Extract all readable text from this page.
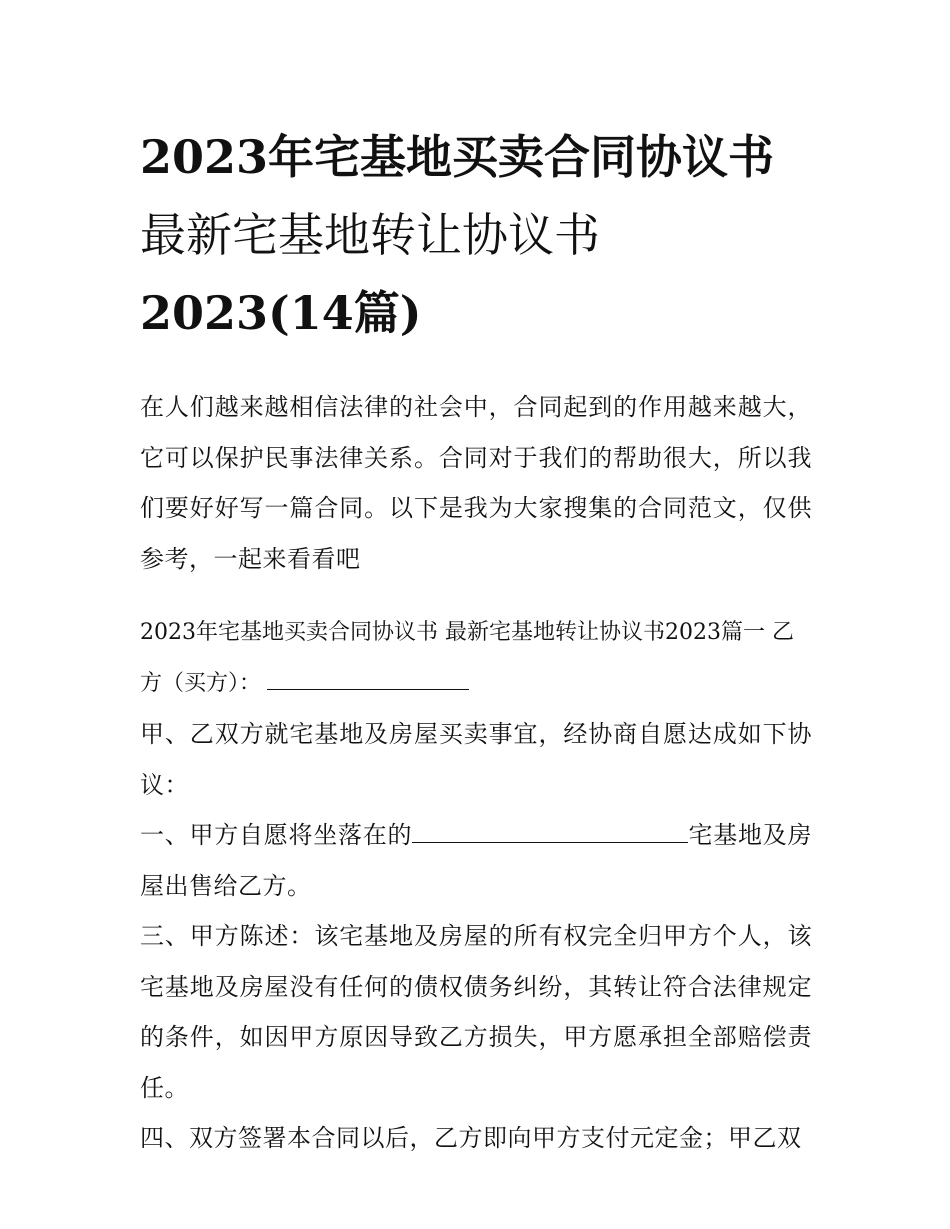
2023年宅基地买卖合同协议书
最新宅基地转让协议书
2023(14篇)

在人们越来越相信法律的社会中，合同起到的作用越来越大，它可以保护民事法律关系。合同对于我们的帮助很大，所以我们要好好写一篇合同。以下是我为大家搜集的合同范文，仅供参考，一起来看看吧

2023年宅基地买卖合同协议书 最新宅基地转让协议书2023篇一 乙方（买方）：

甲、乙双方就宅基地及房屋买卖事宜，经协商自愿达成如下协议：

一、甲方自愿将坐落在的	宅基地及房屋出售给乙方。

三、甲方陈述：该宅基地及房屋的所有权完全归甲方个人，该宅基地及房屋没有任何的债权债务纠纷，其转让符合法律规定的条件，如因甲方原因导致乙方损失，甲方愿承担全部赔偿责任。

四、双方签署本合同以后，乙方即向甲方支付元定金；甲乙双
